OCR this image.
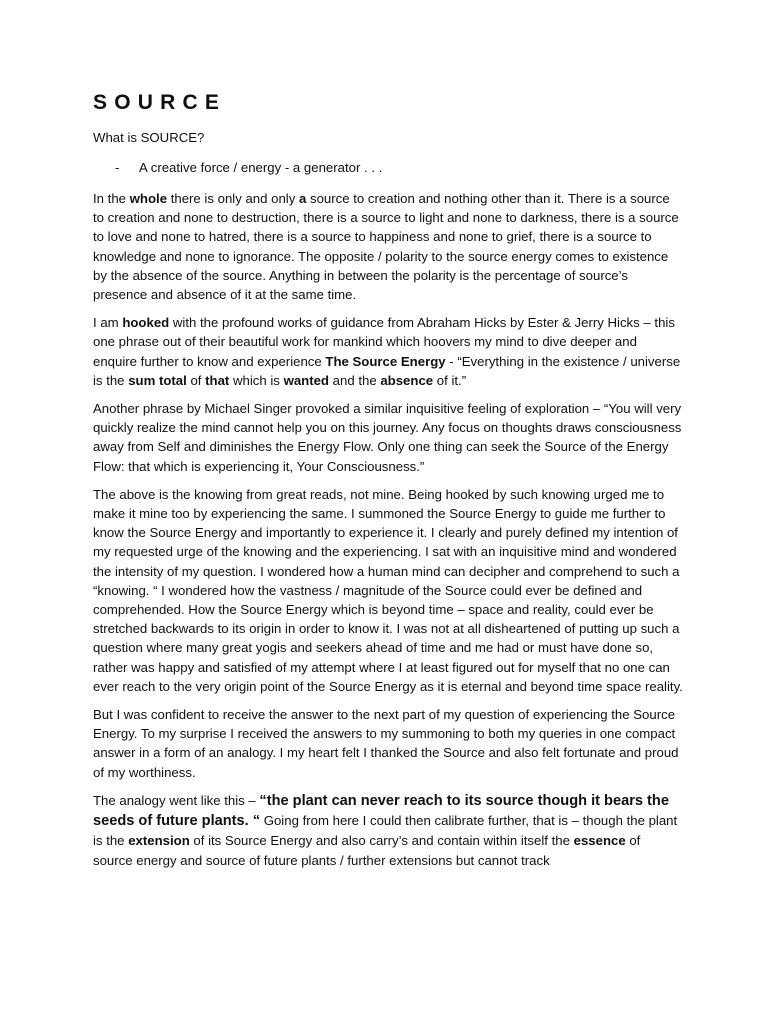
SOURCE

What is SOURCE?

- A creative force / energy - a generator . . .

In the whole there is only and only a source to creation and nothing other than it. There is a source to creation and none to destruction, there is a source to light and none to darkness, there is a source to love and none to hatred, there is a source to happiness and none to grief, there is a source to knowledge and none to ignorance. The opposite / polarity to the source energy comes to existence by the absence of the source. Anything in between the polarity is the percentage of source’s presence and absence of it at the same time.

I am hooked with the profound works of guidance from Abraham Hicks by Ester & Jerry Hicks – this one phrase out of their beautiful work for mankind which hoovers my mind to dive deeper and enquire further to know and experience The Source Energy - “Everything in the existence / universe is the sum total of that which is wanted and the absence of it.”

Another phrase by Michael Singer provoked a similar inquisitive feeling of exploration – “You will very quickly realize the mind cannot help you on this journey. Any focus on thoughts draws consciousness away from Self and diminishes the Energy Flow. Only one thing can seek the Source of the Energy Flow: that which is experiencing it, Your Consciousness.”

The above is the knowing from great reads, not mine. Being hooked by such knowing urged me to make it mine too by experiencing the same. I summoned the Source Energy to guide me further to know the Source Energy and importantly to experience it. I clearly and purely defined my intention of my requested urge of the knowing and the experiencing. I sat with an inquisitive mind and wondered the intensity of my question. I wondered how a human mind can decipher and comprehend to such a “knowing. “ I wondered how the vastness / magnitude of the Source could ever be defined and comprehended. How the Source Energy which is beyond time – space and reality, could ever be stretched backwards to its origin in order to know it. I was not at all disheartened of putting up such a question where many great yogis and seekers ahead of time and me had or must have done so, rather was happy and satisfied of my attempt where I at least figured out for myself that no one can ever reach to the very origin point of the Source Energy as it is eternal and beyond time space reality.

But I was confident to receive the answer to the next part of my question of experiencing the Source Energy. To my surprise I received the answers to my summoning to both my queries in one compact answer in a form of an analogy. I my heart felt I thanked the Source and also felt fortunate and proud of my worthiness.

The analogy went like this – “the plant can never reach to its source though it bears the seeds of future plants. “ Going from here I could then calibrate further, that is – though the plant is the extension of its Source Energy and also carry’s and contain within itself the essence of source energy and source of future plants / further extensions but cannot track
